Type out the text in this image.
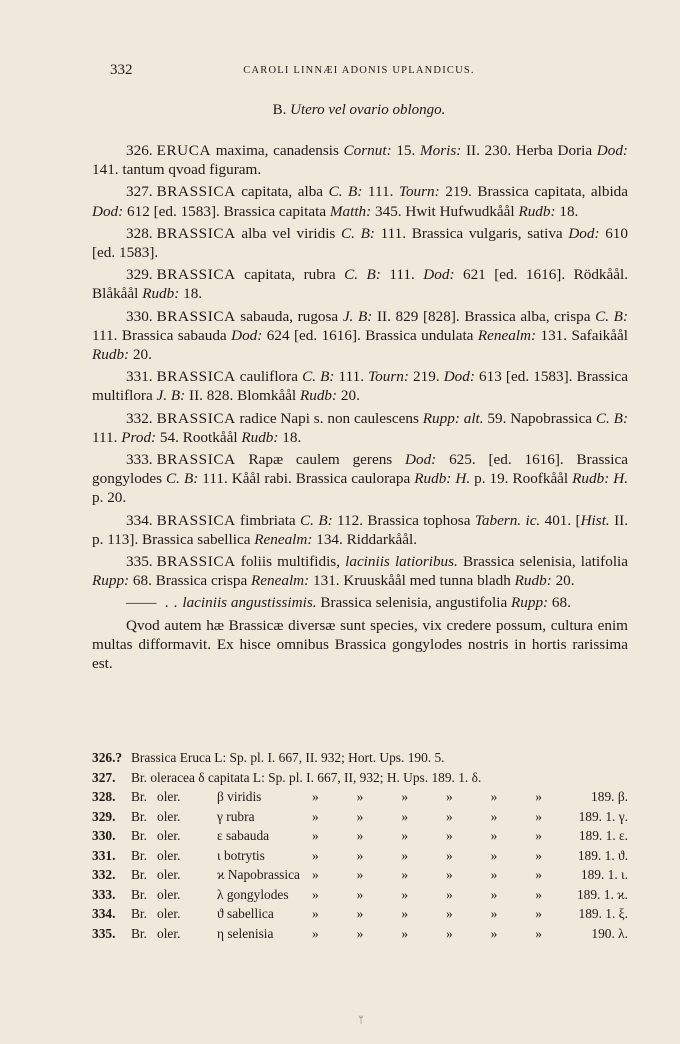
332	CAROLI LINNÆI ADONIS UPLANDICUS.
B. Utero vel ovario oblongo.

326. ERUCA maxima, canadensis Cornut: 15. Moris: II. 230. Herba Doria Dod: 141. tantum qvoad figuram.

327. BRASSICA capitata, alba C. B: 111. Tourn: 219. Brassica capitata, albida Dod: 612 [ed. 1583]. Brassica capitata Matth: 345. Hwit Hufwudkåål Rudb: 18.

328. BRASSICA alba vel viridis C. B: 111. Brassica vulgaris, sativa Dod: 610 [ed. 1583].

329. BRASSICA capitata, rubra C. B: 111. Dod: 621 [ed. 1616]. Rödkåål. Blåkåål Rudb: 18.

330. BRASSICA sabauda, rugosa J. B: II. 829 [828]. Brassica alba, crispa C. B: 111. Brassica sabauda Dod: 624 [ed. 1616]. Brassica undulata Renealm: 131. Safaikåål Rudb: 20.

331. BRASSICA cauliflora C. B: 111. Tourn: 219. Dod: 613 [ed. 1583]. Brassica multiflora J. B: II. 828. Blomkåål Rudb: 20.

332. BRASSICA radice Napi s. non caulescens Rupp: alt. 59. Napobrassica C. B: 111. Prod: 54. Rootkåål Rudb: 18.

333. BRASSICA Rapæ caulem gerens Dod: 625. [ed. 1616]. Brassica gongylodes C. B: 111. Kåål rabi. Brassica caulorapa Rudb: H. p. 19. Roofkåål Rudb: H. p. 20.

334. BRASSICA fimbriata C. B: 112. Brassica tophosa Tabern. ic. 401. [Hist. II. p. 113]. Brassica sabellica Renealm: 134. Riddarkåål.

335. BRASSICA foliis multifidis, laciniis latioribus. Brassica selenisia, latifolia Rupp: 68. Brassica crispa Renealm: 131. Kruuskåål med tunna bladh Rudb: 20.

—— . . laciniis angustissimis. Brassica selenisia, angustifolia Rupp: 68.

Qvod autem hæ Brassicæ diversæ sunt species, vix credere possum, cultura enim multas difformavit. Ex hisce omnibus Brassica gongylodes nostris in hortis rarissima est.

326.? Brassica Eruca L: Sp. pl. I. 667, II. 932; Hort. Ups. 190. 5.
327.	Br. oleracea δ capitata L: Sp. pl. I. 667, II, 932; H. Ups. 189. 1. δ.
328.	Br. oler.	β viridis	»	»	»	»	»	»	189. β.
329.	Br. oler.	γ rubra	»	»	»	»	»	»	189. 1. γ.
330.	Br. oler.	ε sabauda	»	»	»	»	»	»	189. 1. ε.
331.	Br. oler.	ι botrytis	»	»	»	»	»	»	189. 1. ϑ.
332.	Br. oler.	ϰ Napobrassica »	»	»	»	»	»	189. 1. ι.
333.	Br. oler.	λ gongylodes	»	»	»	»	»	»	189. 1. ϰ.
334.	Br. oler.	ϑ sabellica	»	»	»	»	»	»	189. 1. ξ.
335.	Br. oler.	η selenisia	»	»	»	»	»	»	190. λ.
ᛘ
